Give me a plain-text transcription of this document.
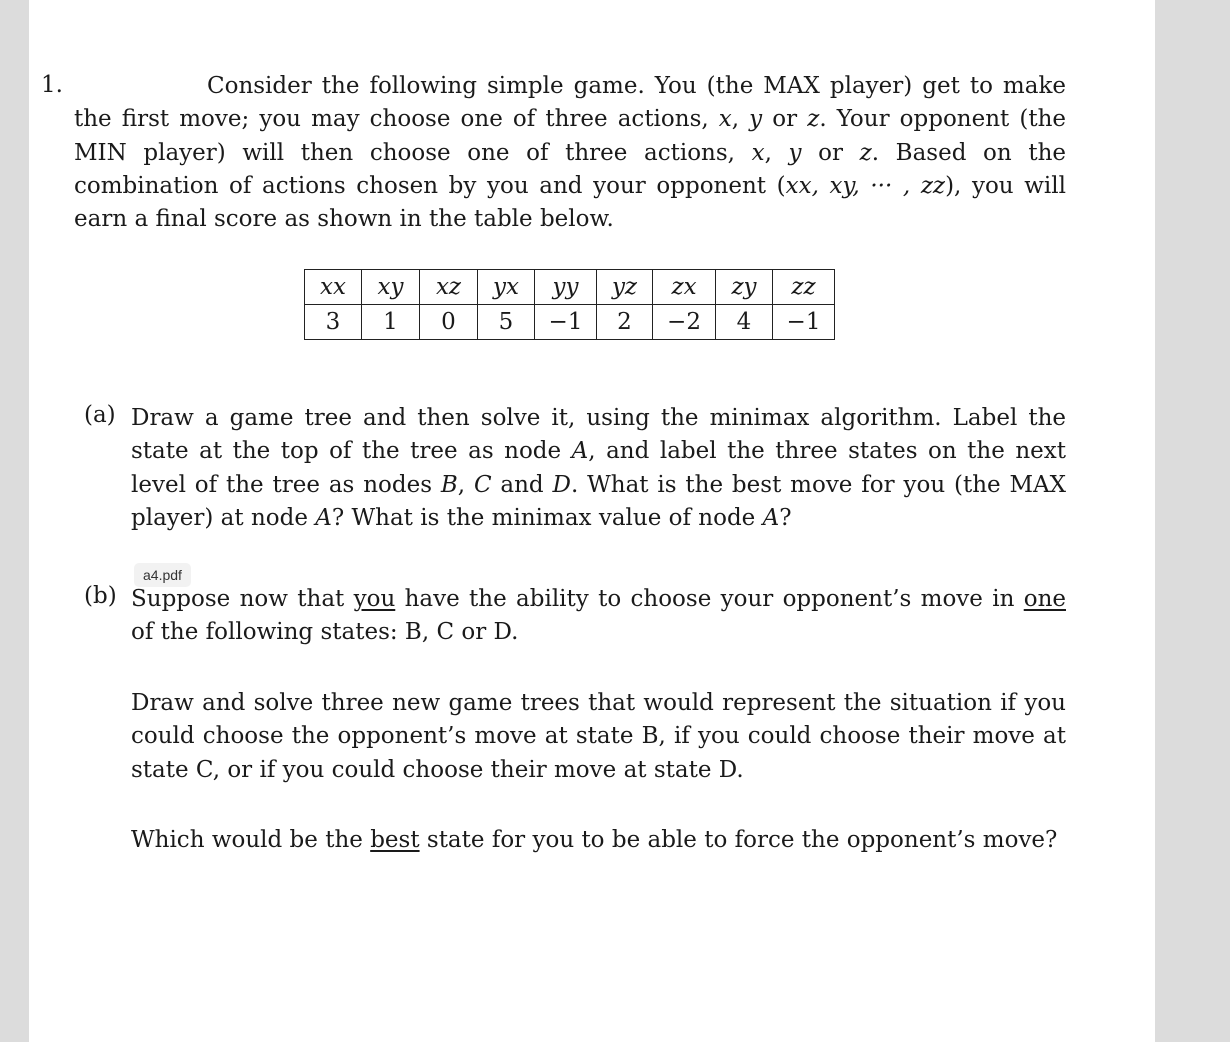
1.	Consider the following simple game. You (the MAX player) get to make the first move; you may choose one of three actions, x, y or z. Your opponent (the MIN player) will then choose one of three actions, x, y or z. Based on the combination of actions chosen by you and your opponent (xx, xy, ··· , zz), you will earn a final score as shown in the table below.
xx	xy	xz	yx	yy	yz	zx	zy	zz
3	1	0	5	−1	2	−2	4	−1
(a) Draw a game tree and then solve it, using the minimax algorithm. Label the state at the top of the tree as node A, and label the three states on the next level of the tree as nodes B, C and D. What is the best move for you (the MAX player) at node A? What is the minimax value of node A?
a4.pdf
(b) Suppose now that you have the ability to choose your opponent’s move in one of the following states: B, C or D.
Draw and solve three new game trees that would represent the situation if you could choose the opponent’s move at state B, if you could choose their move at state C, or if you could choose their move at state D.
Which would be the best state for you to be able to force the opponent’s move?
